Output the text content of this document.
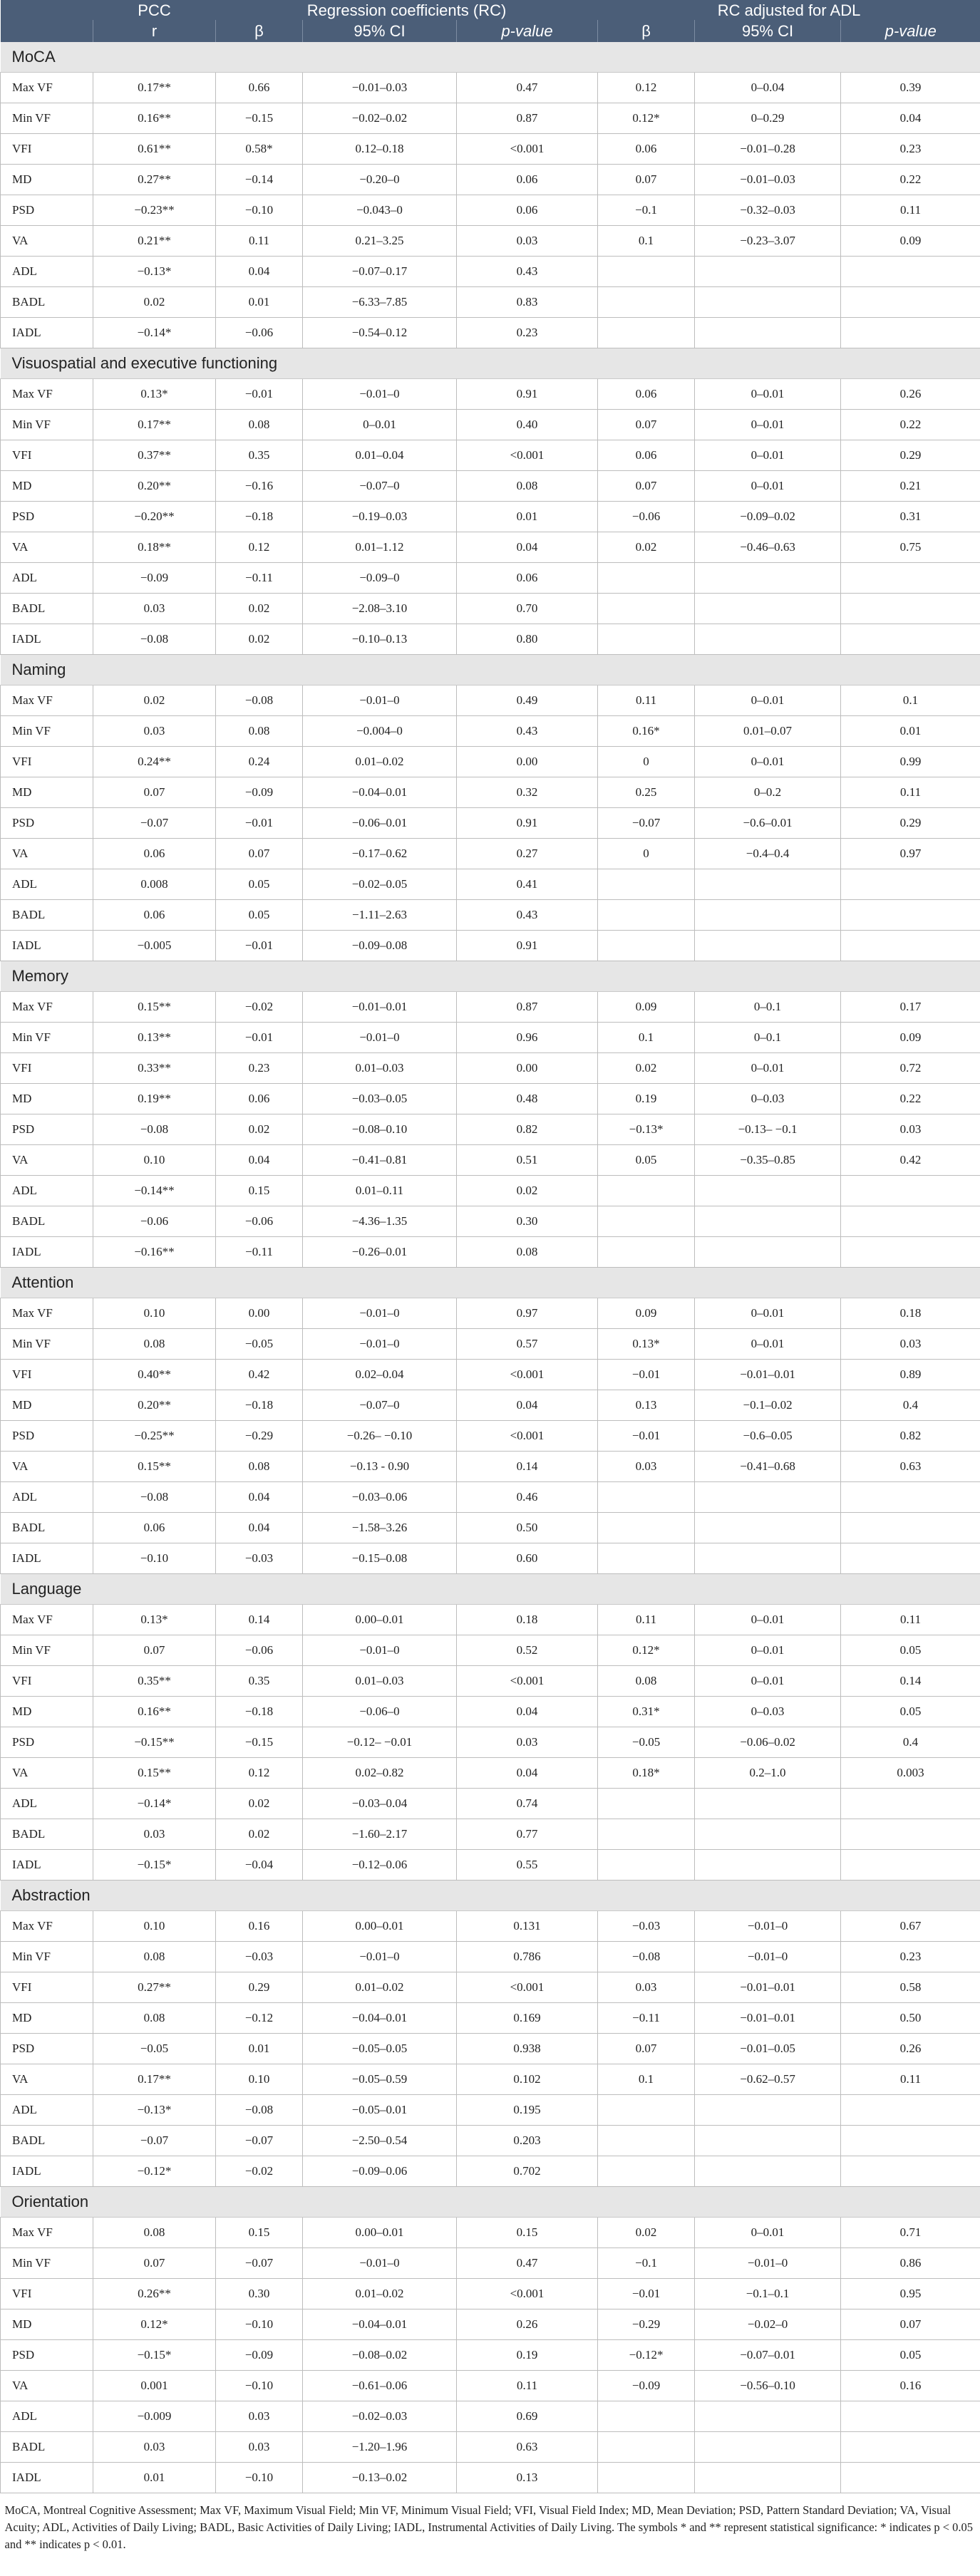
	PCC	Regression coefficients (RC)			RC adjusted for ADL		
	r	β	95% CI	p-value	β	95% CI	p-value
MoCA							
Max VF	0.17**	0.66	−0.01–0.03	0.47	0.12	0–0.04	0.39
Min VF	0.16**	−0.15	−0.02–0.02	0.87	0.12*	0–0.29	0.04
VFI	0.61**	0.58*	0.12–0.18	<0.001	0.06	−0.01–0.28	0.23
MD	0.27**	−0.14	−0.20–0	0.06	0.07	−0.01–0.03	0.22
PSD	−0.23**	−0.10	−0.043–0	0.06	−0.1	−0.32–0.03	0.11
VA	0.21**	0.11	0.21–3.25	0.03	0.1	−0.23–3.07	0.09
ADL	−0.13*	0.04	−0.07–0.17	0.43			
BADL	0.02	0.01	−6.33–7.85	0.83			
IADL	−0.14*	−0.06	−0.54–0.12	0.23			
Visuospatial and executive functioning							
Max VF	0.13*	−0.01	−0.01–0	0.91	0.06	0–0.01	0.26
Min VF	0.17**	0.08	0–0.01	0.40	0.07	0–0.01	0.22
VFI	0.37**	0.35	0.01–0.04	<0.001	0.06	0–0.01	0.29
MD	0.20**	−0.16	−0.07–0	0.08	0.07	0–0.01	0.21
PSD	−0.20**	−0.18	−0.19–0.03	0.01	−0.06	−0.09–0.02	0.31
VA	0.18**	0.12	0.01–1.12	0.04	0.02	−0.46–0.63	0.75
ADL	−0.09	−0.11	−0.09–0	0.06			
BADL	0.03	0.02	−2.08–3.10	0.70			
IADL	−0.08	0.02	−0.10–0.13	0.80			
Naming							
Max VF	0.02	−0.08	−0.01–0	0.49	0.11	0–0.01	0.1
Min VF	0.03	0.08	−0.004–0	0.43	0.16*	0.01–0.07	0.01
VFI	0.24**	0.24	0.01–0.02	0.00	0	0–0.01	0.99
MD	0.07	−0.09	−0.04–0.01	0.32	0.25	0–0.2	0.11
PSD	−0.07	−0.01	−0.06–0.01	0.91	−0.07	−0.6–0.01	0.29
VA	0.06	0.07	−0.17–0.62	0.27	0	−0.4–0.4	0.97
ADL	0.008	0.05	−0.02–0.05	0.41			
BADL	0.06	0.05	−1.11–2.63	0.43			
IADL	−0.005	−0.01	−0.09–0.08	0.91			
Memory							
Max VF	0.15**	−0.02	−0.01–0.01	0.87	0.09	0–0.1	0.17
Min VF	0.13**	−0.01	−0.01–0	0.96	0.1	0–0.1	0.09
VFI	0.33**	0.23	0.01–0.03	0.00	0.02	0–0.01	0.72
MD	0.19**	0.06	−0.03–0.05	0.48	0.19	0–0.03	0.22
PSD	−0.08	0.02	−0.08–0.10	0.82	−0.13*	−0.13– −0.1	0.03
VA	0.10	0.04	−0.41–0.81	0.51	0.05	−0.35–0.85	0.42
ADL	−0.14**	0.15	0.01–0.11	0.02			
BADL	−0.06	−0.06	−4.36–1.35	0.30			
IADL	−0.16**	−0.11	−0.26–0.01	0.08			
Attention							
Max VF	0.10	0.00	−0.01–0	0.97	0.09	0–0.01	0.18
Min VF	0.08	−0.05	−0.01–0	0.57	0.13*	0–0.01	0.03
VFI	0.40**	0.42	0.02–0.04	<0.001	−0.01	−0.01–0.01	0.89
MD	0.20**	−0.18	−0.07–0	0.04	0.13	−0.1–0.02	0.4
PSD	−0.25**	−0.29	−0.26– −0.10	<0.001	−0.01	−0.6–0.05	0.82
VA	0.15**	0.08	−0.13 - 0.90	0.14	0.03	−0.41–0.68	0.63
ADL	−0.08	0.04	−0.03–0.06	0.46			
BADL	0.06	0.04	−1.58–3.26	0.50			
IADL	−0.10	−0.03	−0.15–0.08	0.60			
Language							
Max VF	0.13*	0.14	0.00–0.01	0.18	0.11	0–0.01	0.11
Min VF	0.07	−0.06	−0.01–0	0.52	0.12*	0–0.01	0.05
VFI	0.35**	0.35	0.01–0.03	<0.001	0.08	0–0.01	0.14
MD	0.16**	−0.18	−0.06–0	0.04	0.31*	0–0.03	0.05
PSD	−0.15**	−0.15	−0.12– −0.01	0.03	−0.05	−0.06–0.02	0.4
VA	0.15**	0.12	0.02–0.82	0.04	0.18*	0.2–1.0	0.003
ADL	−0.14*	0.02	−0.03–0.04	0.74			
BADL	0.03	0.02	−1.60–2.17	0.77			
IADL	−0.15*	−0.04	−0.12–0.06	0.55			
Abstraction							
Max VF	0.10	0.16	0.00–0.01	0.131	−0.03	−0.01–0	0.67
Min VF	0.08	−0.03	−0.01–0	0.786	−0.08	−0.01–0	0.23
VFI	0.27**	0.29	0.01–0.02	<0.001	0.03	−0.01–0.01	0.58
MD	0.08	−0.12	−0.04–0.01	0.169	−0.11	−0.01–0.01	0.50
PSD	−0.05	0.01	−0.05–0.05	0.938	0.07	−0.01–0.05	0.26
VA	0.17**	0.10	−0.05–0.59	0.102	0.1	−0.62–0.57	0.11
ADL	−0.13*	−0.08	−0.05–0.01	0.195			
BADL	−0.07	−0.07	−2.50–0.54	0.203			
IADL	−0.12*	−0.02	−0.09–0.06	0.702			
Orientation							
Max VF	0.08	0.15	0.00–0.01	0.15	0.02	0–0.01	0.71
Min VF	0.07	−0.07	−0.01–0	0.47	−0.1	−0.01–0	0.86
VFI	0.26**	0.30	0.01–0.02	<0.001	−0.01	−0.1–0.1	0.95
MD	0.12*	−0.10	−0.04–0.01	0.26	−0.29	−0.02–0	0.07
PSD	−0.15*	−0.09	−0.08–0.02	0.19	−0.12*	−0.07–0.01	0.05
VA	0.001	−0.10	−0.61–0.06	0.11	−0.09	−0.56–0.10	0.16
ADL	−0.009	0.03	−0.02–0.03	0.69			
BADL	0.03	0.03	−1.20–1.96	0.63			
IADL	0.01	−0.10	−0.13–0.02	0.13			
MoCA, Montreal Cognitive Assessment; Max VF, Maximum Visual Field; Min VF, Minimum Visual Field; VFI, Visual Field Index; MD, Mean Deviation; PSD, Pattern Standard Deviation; VA, Visual Acuity; ADL, Activities of Daily Living; BADL, Basic Activities of Daily Living; IADL, Instrumental Activities of Daily Living. The symbols * and ** represent statistical significance: * indicates p < 0.05 and ** indicates p < 0.01.							
